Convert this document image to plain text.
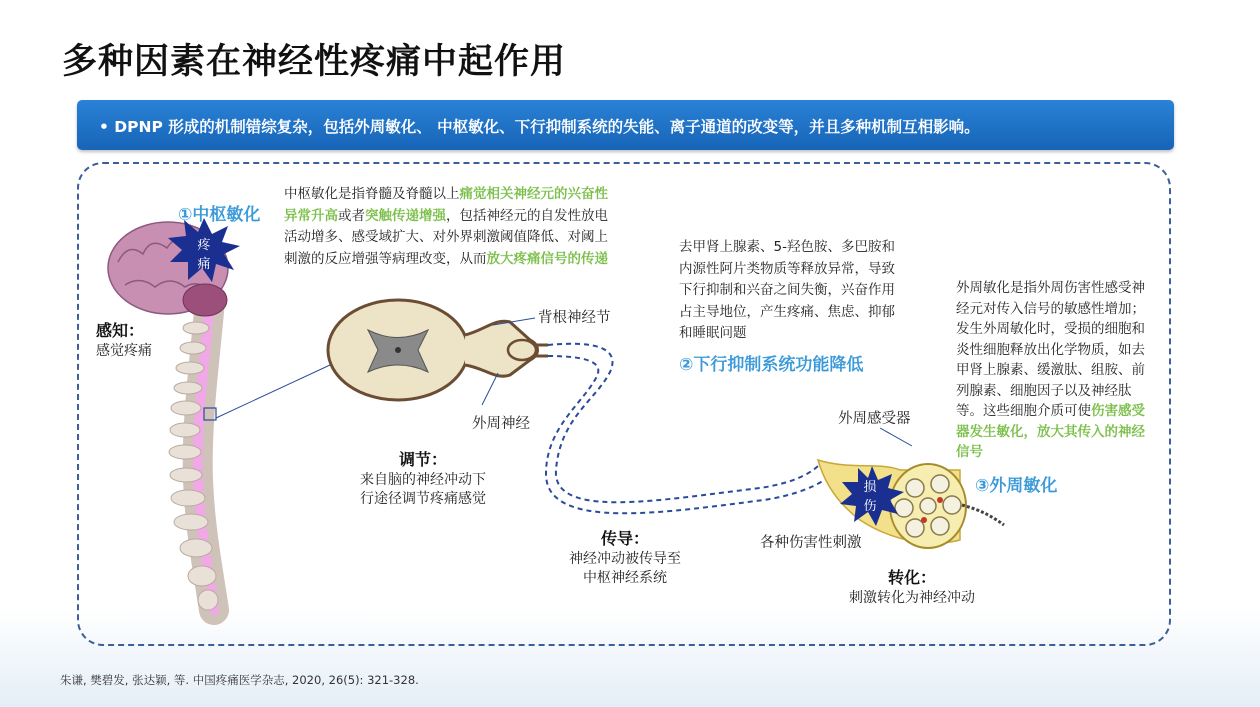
多种因素在神经性疼痛中起作用
• DPNP 形成的机制错综复杂，包括外周敏化、 中枢敏化、下行抑制系统的失能、离子通道的改变等，并且多种机制互相影响。
疼
痛
损
伤
①中枢敏化
中枢敏化是指脊髓及脊髓以上痛觉相关神经元的兴奋性异常升高或者突触传递增强，包括神经元的自发性放电活动增多、感受域扩大、对外界刺激阈值降低、对阈上刺激的反应增强等病理改变，从而放大疼痛信号的传递
去甲肾上腺素、5-羟色胺、多巴胺和内源性阿片类物质等释放异常，导致下行抑制和兴奋之间失衡，兴奋作用占主导地位，产生疼痛、焦虑、抑郁和睡眠问题
②下行抑制系统功能降低
外周敏化是指外周伤害性感受神经元对传入信号的敏感性增加；发生外周敏化时，受损的细胞和炎性细胞释放出化学物质，如去甲肾上腺素、缓激肽、组胺、前列腺素、细胞因子以及神经肽等。这些细胞介质可使伤害感受器发生敏化，放大其传入的神经信号
③外周敏化
背根神经节
外周神经	外周感受器
各种伤害性刺激
感知：
感觉疼痛
调节：
来自脑的神经冲动下
行途径调节疼痛感觉
传导：
神经冲动被传导至
中枢神经系统	转化：
刺激转化为神经冲动
朱谦, 樊碧发, 张达颖, 等. 中国疼痛医学杂志, 2020, 26(5): 321-328.
